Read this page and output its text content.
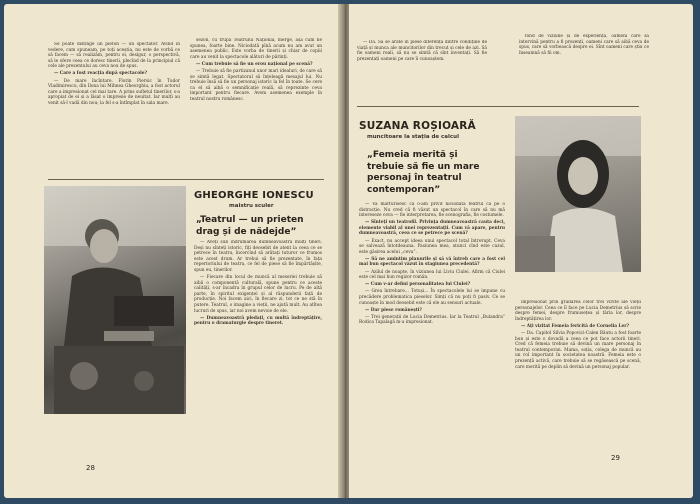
Se poate distinge un pieton — un spectator. Avînd în vedere, cum spuneam, pe toți aceștia, nu este de vorbă ce să facem — să realizăm, pentru ei, desigur, o perspectivă, să le ofere ceea ce doresc tinerii, plecînd de la principiul că cele ale prezentului au ceva nou de spus.

— Care a fost reacția după spectacole?

— De mare încîntare. Florin Piersic în Tudor Vladimirescu, din Ilona lui Mihnea Gheorghiu, a fost actorul care a impresionat cel mai tare. A prins sufletul tinerilor, s-a apropiat de ei și a lăsat o impresie de neuitat. Iar mulți au venit să-l vadă din nou; la fel s-a întîmplat în sala mare.

sezon, cu trupa Teatrului Național, merge, așa cum ne spunea, foarte bine. Niciodată pînă acum nu am avut un asemenea public. Este vorba de tinerii și chiar de copiii care au venit la spectacole alături de părinți.

— Cum trebuie să fie un erou național pe scenă?

— Trebuie să fie partizanul unor mari idealuri, de care să se simtă legat. Spectatorul să înțeleagă mesajul lui. Nu trebuie însă să fie un personaj istoric la fel în toate. Se cere ca el să aibă o semnificație reală, să reprezinte ceva important pentru fiecare. Avem asemenea exemple în teatrul nostru românesc.

GHEORGHE IONESCU
maistru sculer
„Teatrul — un prieten drag și de nădejde”

— Aveți sub îndrumarea dumneavoastră mulți tineri. Deși nu sînteți istoric, fiți deosebit de atent la ceea ce se petrece în teatru, încercînd să arătați tuturor ce frumos este acest drum. Ar trebui să fie prezentate, în fața repertoriului de teatru, ce fel de piese să fie împărtășite, spun eu, tinerilor.

— Fiecare din locul de muncă al meseriei trebuie să aibă o componentă culturală, spune pentru ce aceste calități, s-ar încadra în grupul celor de lucru. Pe de altă parte, în spiritul exigenței și al răspunderii față de producție. Noi facem aici, în fiecare zi, tot ce ne stă în putere. Teatrul, o imagine a vieții, ne ajută mult. Au atîtea lucruri de spus, iar noi avem nevoie de ele.

— Dumneavoastră pledați, cu multă îndreptățire, pentru o dramaturgie despre tineret.

28

— Da. Să se arate în piese diferența dintre condițiile de viață și munca ale muncitorilor din trecut și cele de azi. Să fie oameni reali, să nu se simtă că sînt inventați. Să fie prezentați oameni pe care îi cunoaștem.

fond de viziune și de experiență, oameni care să intervină pentru a fi prezenți, oameni care să aibă ceva de spus, care să vorbească despre ei. Sînt oameni care știu ce înseamnă să fii om.

SUZANA ROȘIOARĂ
muncitoare la stația de calcul
„Femeia merită și trebuie să fie un mare personaj în teatrul contemporan”

— Va mărturisesc că o-am privit niciodată teatrul ca pe o distracție. Nu cred că fi văzut un spectacol în care să nu mă intereseze ceva — fie interpretarea, fie scenografia, fie costumele.

— Sînteți un teatrofil. Privința dumneavoastră cauta deci, elemente viabil al unei reprezentații. Cum vă apare, pentru dumneavoastră, ceea ce se petrece pe scenă?

— Exact, nu accept ideea unui spectacol total întrerupt. Ceva se salvează întotdeauna. Pasiunea mea, atunci cînd este cazul, este găsirea acelui „ceva”.

— Să ne amintim planurile și să vă întreb care a fost cel mai bun spectacol văzut în stagiunea precedentă?

— Azilul de noapte, în viziunea lui Liviu Ciulei. Afirm că Ciulei este cel mai bun regizor român.

— Cum v-ar defini personalitatea lui Ciulei?

— Grea întrebare... Totuși... În spectacolele lui se impune cu precădere problematica pieselor. Simți că nu poți fi pasiv. Ce se cunoaște în mod deosebit este că ele au sensuri actuale.

— Dar piese românești?

— Trei generații de Lucia Demetrius. Iar la Teatrul „Bulandra” Rodica Tapalagă m-a impresionat.

impresionat prin gradarea celor trei vîrste ale vieții personajelor. Ceea ce îl face pe Lucia Demetrius să scrie despre femei, despre frumusețea și tăria lor, despre îndreptățirea lor.

— Ați vizitat Femeia fericită de Cornelia Ler?

— Da. Capitol Silvia Popovici-Calen Băutu a fost foarte bun și este o dovadă a ceea ce pot face actorii tineri. Cred că femeia trebuie să devină un mare personaj în teatrul contemporan. Mama, soția, colega de muncă au un rol important în societatea noastră. Femeia este o prezență activă, care trebuie să se regăsească pe scenă, care merită pe deplin să devină un personaj popular.

29
